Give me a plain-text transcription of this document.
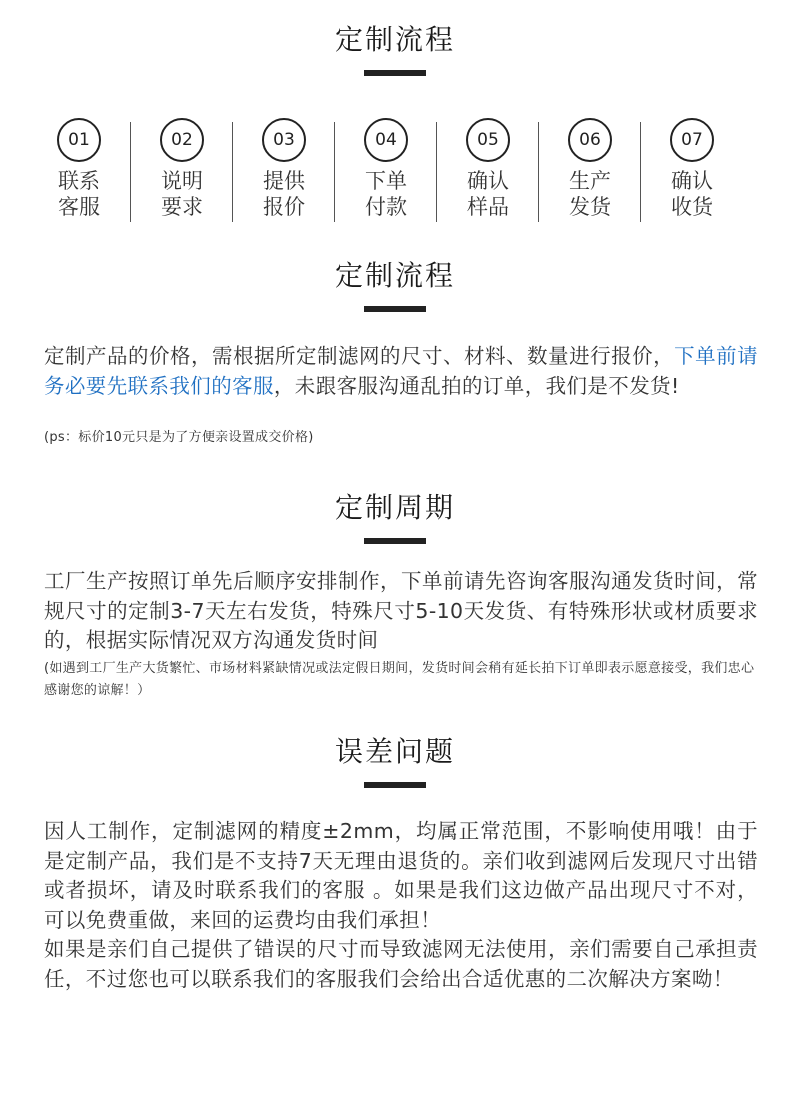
定制流程
01
联系客服
02
说明要求
03
提供报价
04
下单付款
05
确认样品
06
生产发货
07
确认收货
定制流程
定制产品的价格，需根据所定制滤网的尺寸、材料、数量进行报价，下单前请务必要先联系我们的客服，未跟客服沟通乱拍的订单，我们是不发货!
(ps：标价10元只是为了方便亲设置成交价格)
定制周期
工厂生产按照订单先后顺序安排制作，下单前请先咨询客服沟通发货时间，常规尺寸的定制3-7天左右发货，特殊尺寸5-10天发货、有特殊形状或材质要求的，根据实际情况双方沟通发货时间
(如遇到工厂生产大货繁忙、市场材料紧缺情况或法定假日期间，发货时间会稍有延长拍下订单即表示愿意接受，我们忠心感谢您的谅解！）
误差问题
因人工制作，定制滤网的精度±2mm，均属正常范围，不影响使用哦！由于是定制产品，我们是不支持7天无理由退货的。亲们收到滤网后发现尺寸出错或者损坏，请及时联系我们的客服 。如果是我们这边做产品出现尺寸不对，可以免费重做，来回的运费均由我们承担！
如果是亲们自己提供了错误的尺寸而导致滤网无法使用，亲们需要自己承担责任，不过您也可以联系我们的客服我们会给出合适优惠的二次解决方案呦！
